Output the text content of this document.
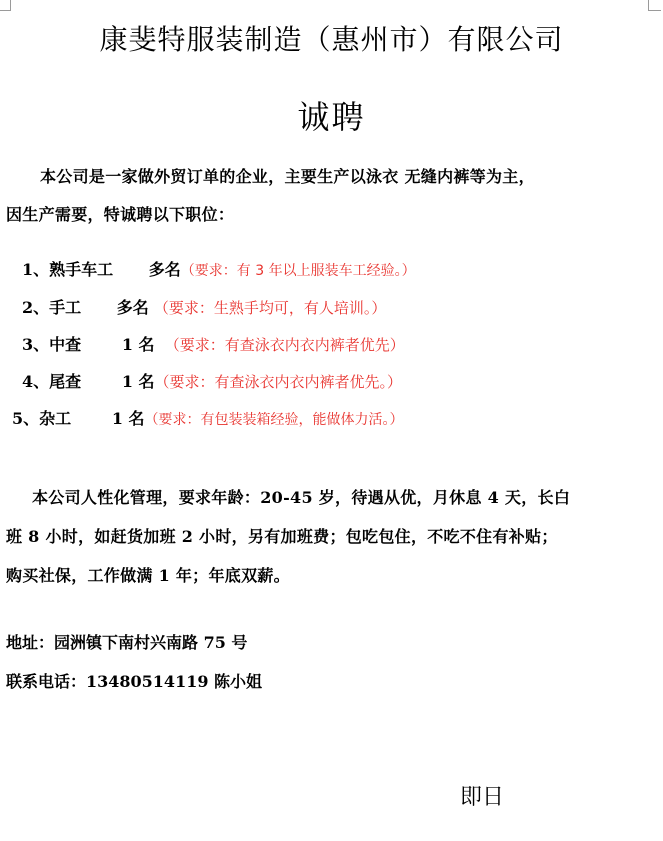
康斐特服装制造（惠州市）有限公司
诚聘
本公司是一家做外贸订单的企业，主要生产以泳衣 无缝内裤等为主，
因生产需要，特诚聘以下职位：
1、熟手车工 多名（要求：有 3 年以上服装车工经验。）
2、手工 多名 （要求：生熟手均可，有人培训。）
3、中查	1 名 （要求：有查泳衣内衣内裤者优先）
4、尾查	1 名（要求：有查泳衣内衣内裤者优先。）
5、杂工	1 名（要求：有包装装箱经验，能做体力活。）
本公司人性化管理，要求年龄：20-45 岁，待遇从优，月休息 4 天，长白
班 8 小时，如赶货加班 2 小时，另有加班费；包吃包住，不吃不住有补贴；
购买社保，工作做满 1 年；年底双薪。
地址：园洲镇下南村兴南路 75 号
联系电话：13480514119 陈小姐
即日
